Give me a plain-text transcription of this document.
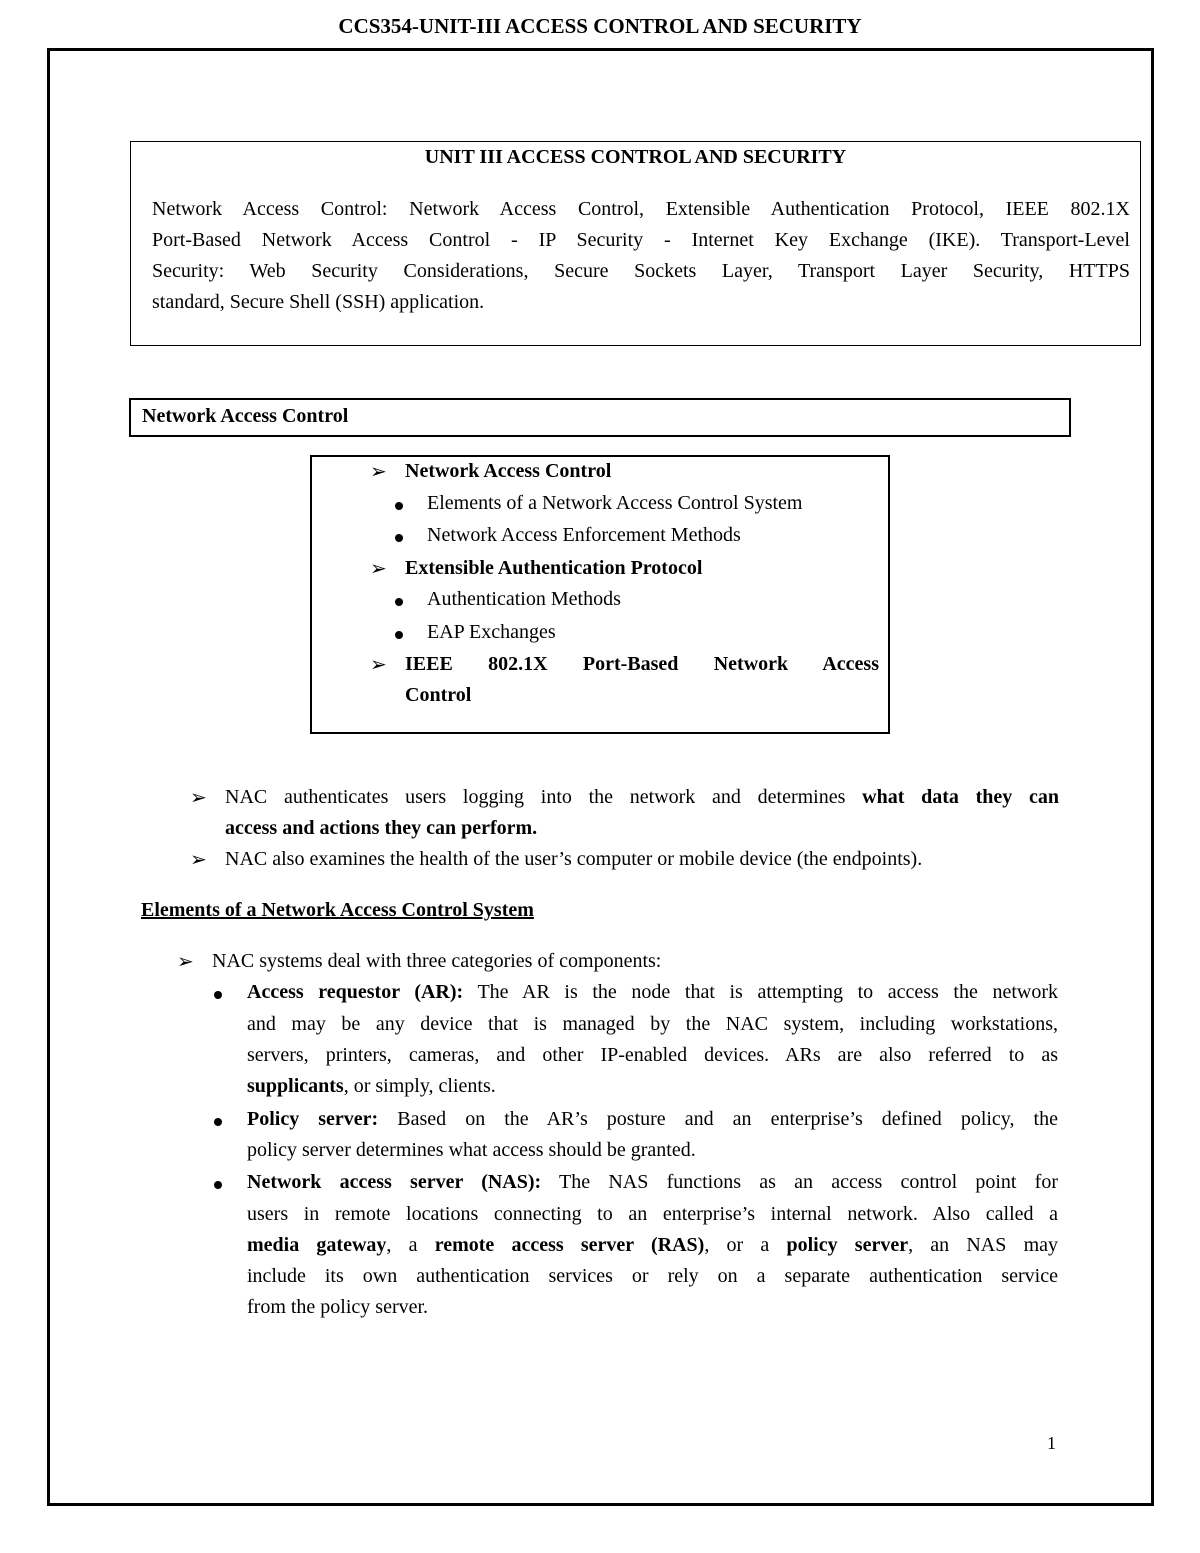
CCS354-UNIT-III ACCESS CONTROL AND SECURITY
UNIT III ACCESS CONTROL AND SECURITY
Network Access Control: Network Access Control, Extensible Authentication Protocol, IEEE 802.1X
Port-Based Network Access Control - IP Security - Internet Key Exchange (IKE). Transport-Level
Security: Web Security Considerations, Secure Sockets Layer, Transport Layer Security, HTTPS
standard, Secure Shell (SSH) application.
Network Access Control
➢ Network Access Control
Elements of a Network Access Control System
Network Access Enforcement Methods
➢ Extensible Authentication Protocol
Authentication Methods
EAP Exchanges
➢ IEEE 802.1X Port-Based Network Access
Control
➢ NAC authenticates users logging into the network and determines what data they can
access and actions they can perform.
➢ NAC also examines the health of the user’s computer or mobile device (the endpoints).
Elements of a Network Access Control System
➢ NAC systems deal with three categories of components:
Access requestor (AR): The AR is the node that is attempting to access the network
and may be any device that is managed by the NAC system, including workstations,
servers, printers, cameras, and other IP-enabled devices. ARs are also referred to as
supplicants, or simply, clients.
Policy server: Based on the AR’s posture and an enterprise’s defined policy, the
policy server determines what access should be granted.
Network access server (NAS): The NAS functions as an access control point for
users in remote locations connecting to an enterprise’s internal network. Also called a
media gateway, a remote access server (RAS), or a policy server, an NAS may
include its own authentication services or rely on a separate authentication service
from the policy server.
1
